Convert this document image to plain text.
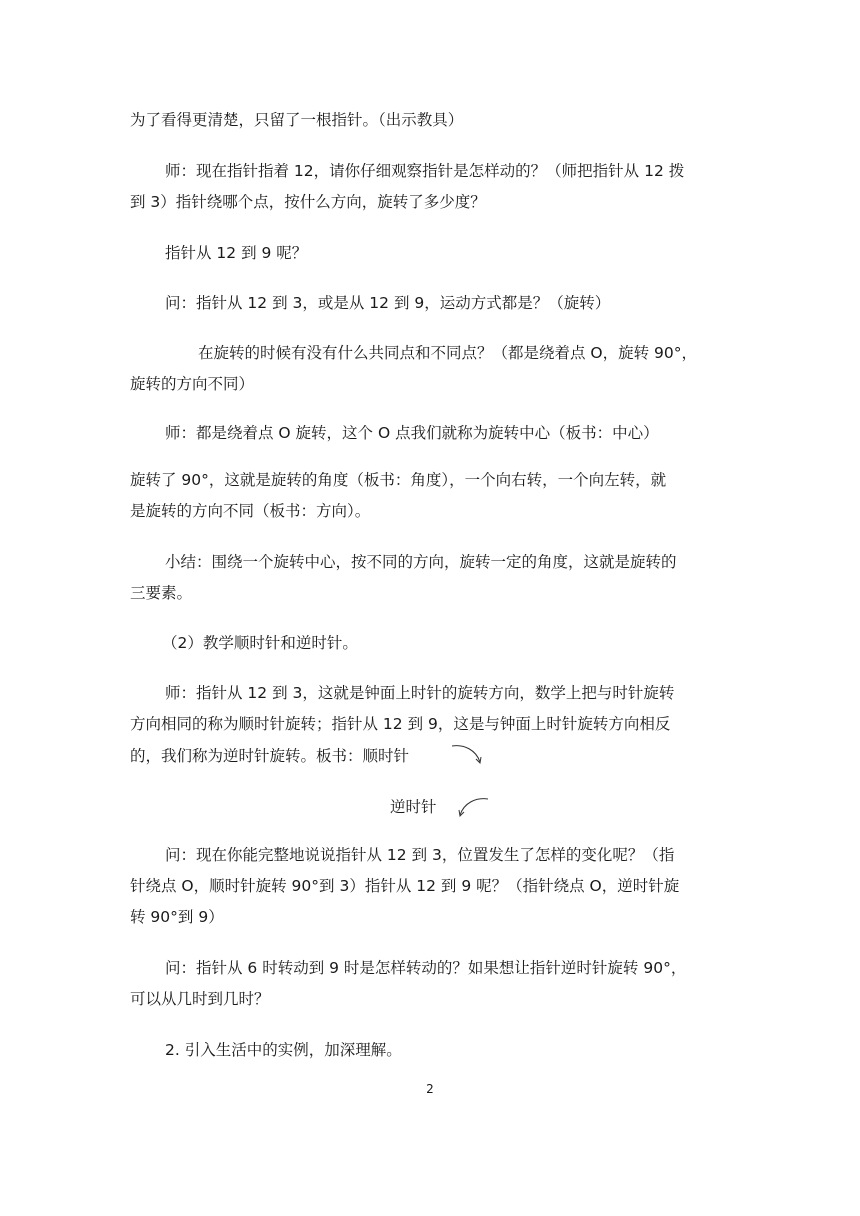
为了看得更清楚，只留了一根指针。（出示教具）
师：现在指针指着 12，请你仔细观察指针是怎样动的？（师把指针从 12 拨
到 3）指针绕哪个点，按什么方向，旋转了多少度？
指针从 12 到 9 呢？
问：指针从 12 到 3，或是从 12 到 9，运动方式都是？（旋转）
在旋转的时候有没有什么共同点和不同点？（都是绕着点 O，旋转 90°，
旋转的方向不同）
师：都是绕着点 O 旋转，这个 O 点我们就称为旋转中心（板书：中心）
旋转了 90°，这就是旋转的角度（板书：角度），一个向右转，一个向左转，就
是旋转的方向不同（板书：方向）。
小结：围绕一个旋转中心，按不同的方向，旋转一定的角度，这就是旋转的
三要素。
（2）教学顺时针和逆时针。
师：指针从 12 到 3，这就是钟面上时针的旋转方向，数学上把与时针旋转
方向相同的称为顺时针旋转；指针从 12 到 9，这是与钟面上时针旋转方向相反
的，我们称为逆时针旋转。板书：顺时针
逆时针
问：现在你能完整地说说指针从 12 到 3，位置发生了怎样的变化呢？（指
针绕点 O，顺时针旋转 90°到 3）指针从 12 到 9 呢？（指针绕点 O，逆时针旋
转 90°到 9）
问：指针从 6 时转动到 9 时是怎样转动的？如果想让指针逆时针旋转 90°，
可以从几时到几时？
2. 引入生活中的实例，加深理解。
2
